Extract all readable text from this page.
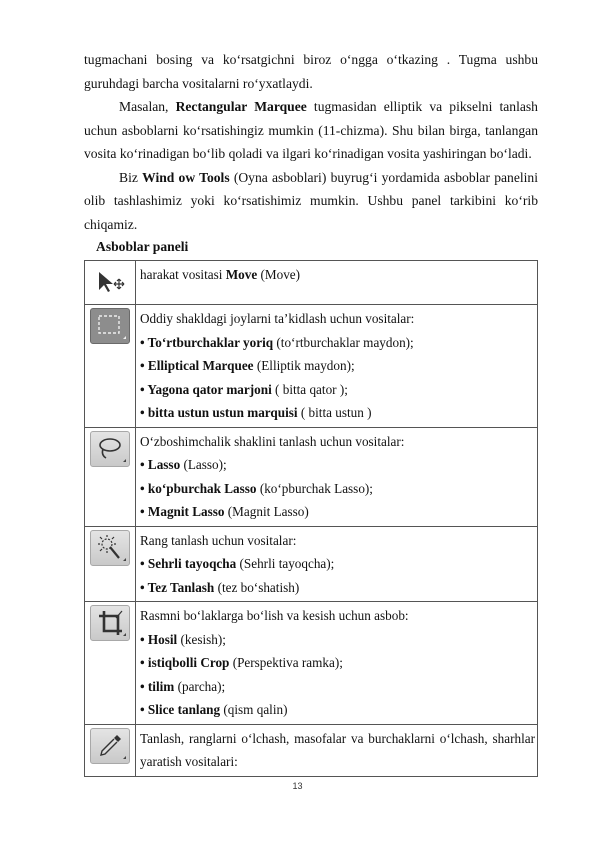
tugmachani bosing va ko‘rsatgichni biroz o‘ngga o‘tkazing . Tugma ushbu guruhdagi barcha vositalarni ro‘yxatlaydi.

Masalan, Rectangular Marquee tugmasidan elliptik va pikselni tanlash uchun asboblarni ko‘rsatishingiz mumkin (11-chizma). Shu bilan birga, tanlangan vosita ko‘rinadigan bo‘lib qoladi va ilgari ko‘rinadigan vosita yashiringan bo‘ladi.

Biz Wind ow Tools (Oyna asboblari) buyrug‘i yordamida asboblar panelini olib tashlashimiz yoki ko‘rsatishimiz mumkin. Ushbu panel tarkibini ko‘rib chiqamiz.

Asboblar paneli
	harakat vositasi Move (Move)

Oddiy shakldagi joylarni ta’kidlash uchun vositalar:
• To‘rtburchaklar yoriq (to‘rtburchaklar maydon);
• Elliptical Marquee (Elliptik maydon);
• Yagona qator marjoni ( bitta qator );
• bitta ustun ustun marquisi ( bitta ustun )

O‘zboshimchalik shaklini tanlash uchun vositalar:
• Lasso (Lasso);
• ko‘pburchak Lasso (ko‘pburchak Lasso);
• Magnit Lasso (Magnit Lasso)

Rang tanlash uchun vositalar:
• Sehrli tayoqcha (Sehrli tayoqcha);
• Tez Tanlash (tez bo‘shatish)

Rasmni bo‘laklarga bo‘lish va kesish uchun asbob:
• Hosil (kesish);
• istiqbolli Crop (Perspektiva ramka);
• tilim (parcha);
• Slice tanlang (qism qalin)

	Tanlash, ranglarni o‘lchash, masofalar va burchaklarni o‘lchash, sharhlar yaratish vositalari:
13
